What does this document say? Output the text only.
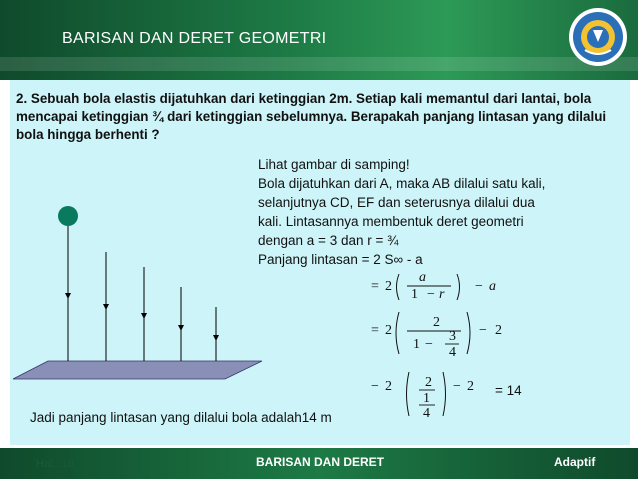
BARISAN DAN DERET GEOMETRI
2. Sebuah bola elastis dijatuhkan dari ketinggian 2m. Setiap kali memantul dari lantai, bola mencapai ketinggian ¾ dari ketinggian sebelumnya. Berapakah panjang lintasan yang dilalui bola hingga berhenti ?
Lihat gambar di samping!
Bola dijatuhkan dari A, maka AB dilalui satu kali,
selanjutnya CD, EF dan seterusnya dilalui dua
kali. Lintasannya membentuk deret geometri
dengan a = 3 dan r = ¾
Panjang lintasan = 2 S∞ - a
= 2
a
1 − r
− a
= 2
2
1 −
3
4
− 2
− 2 2
1
4
− 2 = 14
Jadi panjang lintasan yang dilalui bola adalah14 m
Hal.: 18	BARISAN DAN DERET	Adaptif
